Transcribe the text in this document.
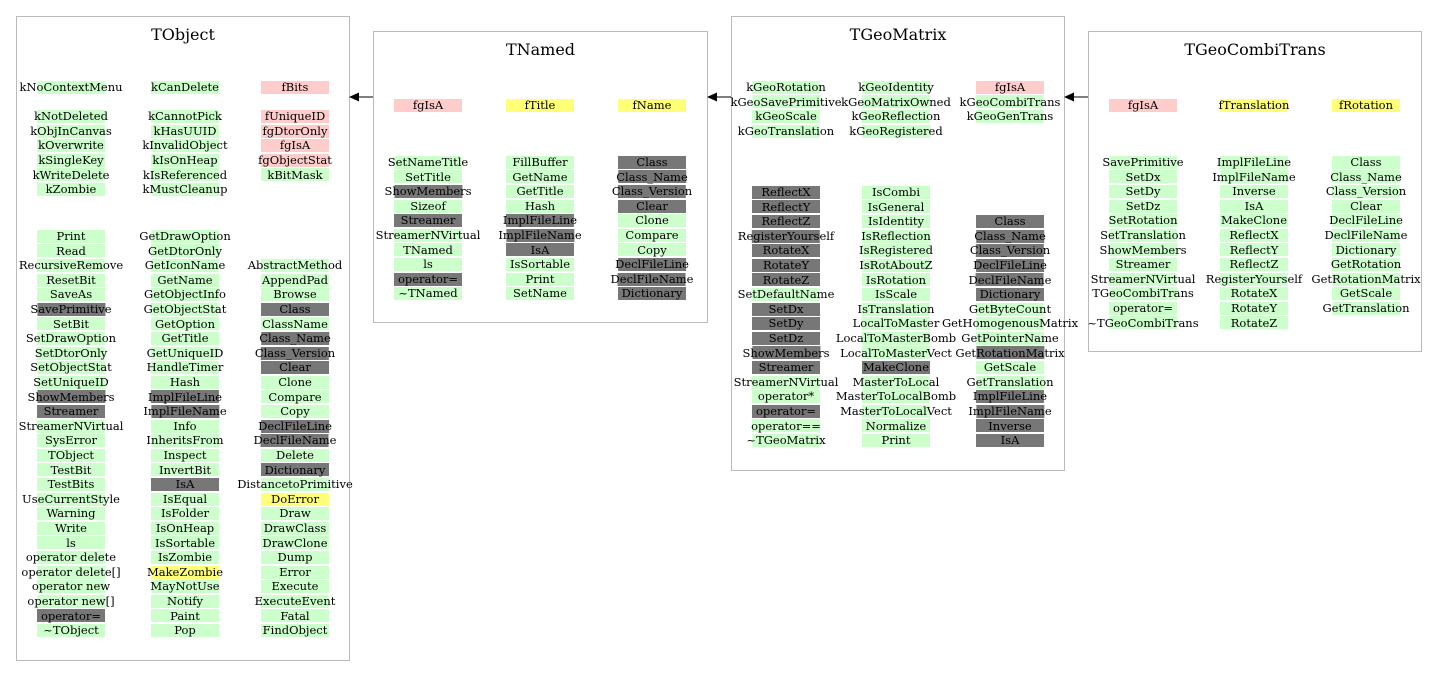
TObject
kNoContextMenu
kNotDeleted
kObjInCanvas
kOverwrite
kSingleKey
kWriteDelete
kZombie
Print
Read
RecursiveRemove
ResetBit
SaveAs
SavePrimitive
SetBit
SetDrawOption
SetDtorOnly
SetObjectStat
SetUniqueID
ShowMembers
Streamer
StreamerNVirtual
SysError
TObject
TestBit
TestBits
UseCurrentStyle
Warning
Write
ls
operator delete
operator delete[]
operator new
operator new[]
operator=
~TObject
kCanDelete
kCannotPick
kHasUUID
kInvalidObject
kIsOnHeap
kIsReferenced
kMustCleanup
GetDrawOption
GetDtorOnly
GetIconName
GetName
GetObjectInfo
GetObjectStat
GetOption
GetTitle
GetUniqueID
HandleTimer
Hash
ImplFileLine
ImplFileName
Info
InheritsFrom
Inspect
InvertBit
IsA
IsEqual
IsFolder
IsOnHeap
IsSortable
IsZombie
MakeZombie
MayNotUse
Notify
Paint
Pop
fBits
fUniqueID
fgDtorOnly
fgIsA
fgObjectStat
kBitMask
AbstractMethod
AppendPad
Browse
Class
ClassName
Class_Name
Class_Version
Clear
Clone
Compare
Copy
DeclFileLine
DeclFileName
Delete
Dictionary
DistancetoPrimitive
DoError
Draw
DrawClass
DrawClone
Dump
Error
Execute
ExecuteEvent
Fatal
FindObject
TNamed
fgIsA
SetNameTitle
SetTitle
ShowMembers
Sizeof
Streamer
StreamerNVirtual
TNamed
ls
operator=
~TNamed
fTitle
FillBuffer
GetName
GetTitle
Hash
ImplFileLine
ImplFileName
IsA
IsSortable
Print
SetName
fName
Class
Class_Name
Class_Version
Clear
Clone
Compare
Copy
DeclFileLine
DeclFileName
Dictionary
TGeoMatrix
kGeoRotation
kGeoSavePrimitive
kGeoScale
kGeoTranslation
ReflectX
ReflectY
ReflectZ
RegisterYourself
RotateX
RotateY
RotateZ
SetDefaultName
SetDx
SetDy
SetDz
ShowMembers
Streamer
StreamerNVirtual
operator*
operator=
operator==
~TGeoMatrix
kGeoIdentity
kGeoMatrixOwned
kGeoReflection
kGeoRegistered
IsCombi
IsGeneral
IsIdentity
IsReflection
IsRegistered
IsRotAboutZ
IsRotation
IsScale
IsTranslation
LocalToMaster
LocalToMasterBomb
LocalToMasterVect
MakeClone
MasterToLocal
MasterToLocalBomb
MasterToLocalVect
Normalize
Print
fgIsA
kGeoCombiTrans
kGeoGenTrans
Class
Class_Name
Class_Version
DeclFileLine
DeclFileName
Dictionary
GetByteCount
GetHomogenousMatrix
GetPointerName
GetRotationMatrix
GetScale
GetTranslation
ImplFileLine
ImplFileName
Inverse
IsA
TGeoCombiTrans
fgIsA
SavePrimitive
SetDx
SetDy
SetDz
SetRotation
SetTranslation
ShowMembers
Streamer
StreamerNVirtual
TGeoCombiTrans
operator=
~TGeoCombiTrans
fTranslation
ImplFileLine
ImplFileName
Inverse
IsA
MakeClone
ReflectX
ReflectY
ReflectZ
RegisterYourself
RotateX
RotateY
RotateZ
fRotation
Class
Class_Name
Class_Version
Clear
DeclFileLine
DeclFileName
Dictionary
GetRotation
GetRotationMatrix
GetScale
GetTranslation
